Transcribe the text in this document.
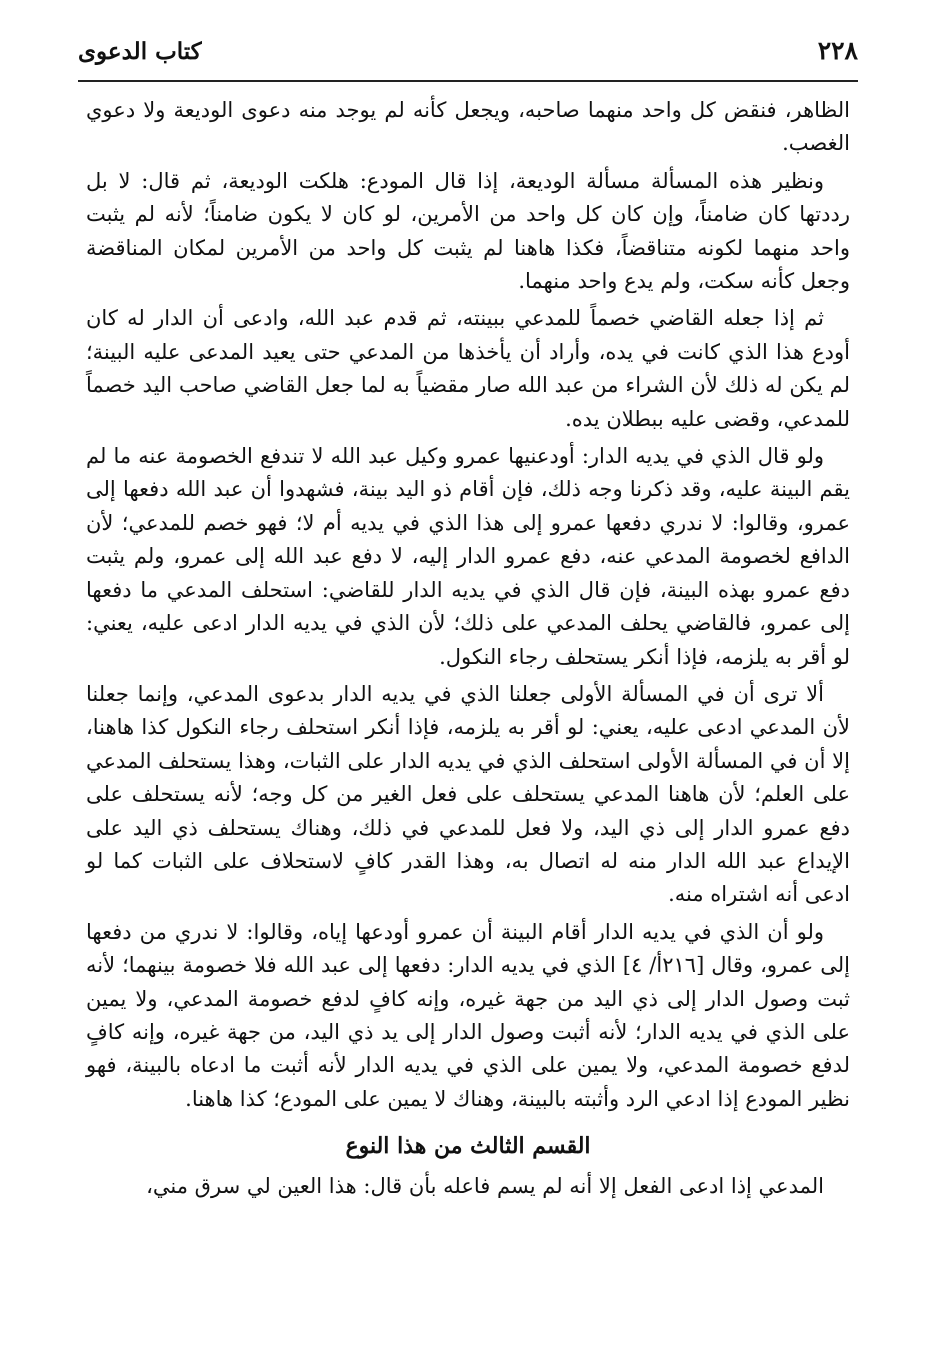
٢٢٨
كتاب الدعوى

الظاهر، فنقض كل واحد منهما صاحبه، ويجعل كأنه لم يوجد منه دعوى الوديعة ولا دعوي الغصب.

ونظير هذه المسألة مسألة الوديعة، إذا قال المودع: هلكت الوديعة، ثم قال: لا بل رددتها كان ضامناً، وإن كان كل واحد من الأمرين، لو كان لا يكون ضامناً؛ لأنه لم يثبت واحد منهما لكونه متناقضاً، فكذا هاهنا لم يثبت كل واحد من الأمرين لمكان المناقضة وجعل كأنه سكت، ولم يدع واحد منهما.

ثم إذا جعله القاضي خصماً للمدعي ببينته، ثم قدم عبد الله، وادعى أن الدار له كان أودع هذا الذي كانت في يده، وأراد أن يأخذها من المدعي حتى يعيد المدعى عليه البينة؛ لم يكن له ذلك لأن الشراء من عبد الله صار مقضياً به لما جعل القاضي صاحب اليد خصماً للمدعي، وقضى عليه ببطلان يده.

ولو قال الذي في يديه الدار: أودعنيها عمرو وكيل عبد الله لا تندفع الخصومة عنه ما لم يقم البينة عليه، وقد ذكرنا وجه ذلك، فإن أقام ذو اليد بينة، فشهدوا أن عبد الله دفعها إلى عمرو، وقالوا: لا ندري دفعها عمرو إلى هذا الذي في يديه أم لا؛ فهو خصم للمدعي؛ لأن الدافع لخصومة المدعي عنه، دفع عمرو الدار إليه، لا دفع عبد الله إلى عمرو، ولم يثبت دفع عمرو بهذه البينة، فإن قال الذي في يديه الدار للقاضي: استحلف المدعي ما دفعها إلى عمرو، فالقاضي يحلف المدعي على ذلك؛ لأن الذي في يديه الدار ادعى عليه، يعني: لو أقر به يلزمه، فإذا أنكر يستحلف رجاء النكول.

ألا ترى أن في المسألة الأولى جعلنا الذي في يديه الدار بدعوى المدعي، وإنما جعلنا لأن المدعي ادعى عليه، يعني: لو أقر به يلزمه، فإذا أنكر استحلف رجاء النكول كذا هاهنا، إلا أن في المسألة الأولى استحلف الذي في يديه الدار على الثبات، وهذا يستحلف المدعي على العلم؛ لأن هاهنا المدعي يستحلف على فعل الغير من كل وجه؛ لأنه يستحلف على دفع عمرو الدار إلى ذي اليد، ولا فعل للمدعي في ذلك، وهناك يستحلف ذي اليد على الإيداع عبد الله الدار منه له اتصال به، وهذا القدر كافٍ لاستحلاف على الثبات كما لو ادعى أنه اشتراه منه.

ولو أن الذي في يديه الدار أقام البينة أن عمرو أودعها إياه، وقالوا: لا ندري من دفعها إلى عمرو، وقال [٢١٦أ/ ٤] الذي في يديه الدار: دفعها إلى عبد الله فلا خصومة بينهما؛ لأنه ثبت وصول الدار إلى ذي اليد من جهة غيره، وإنه كافٍ لدفع خصومة المدعي، ولا يمين على الذي في يديه الدار؛ لأنه أثبت وصول الدار إلى يد ذي اليد، من جهة غيره، وإنه كافٍ لدفع خصومة المدعي، ولا يمين على الذي في يديه الدار لأنه أثبت ما ادعاه بالبينة، فهو نظير المودع إذا ادعي الرد وأثبته بالبينة، وهناك لا يمين على المودع؛ كذا هاهنا.

القسم الثالث من هذا النوع

المدعي إذا ادعى الفعل إلا أنه لم يسم فاعله بأن قال: هذا العين لي سرق مني،
